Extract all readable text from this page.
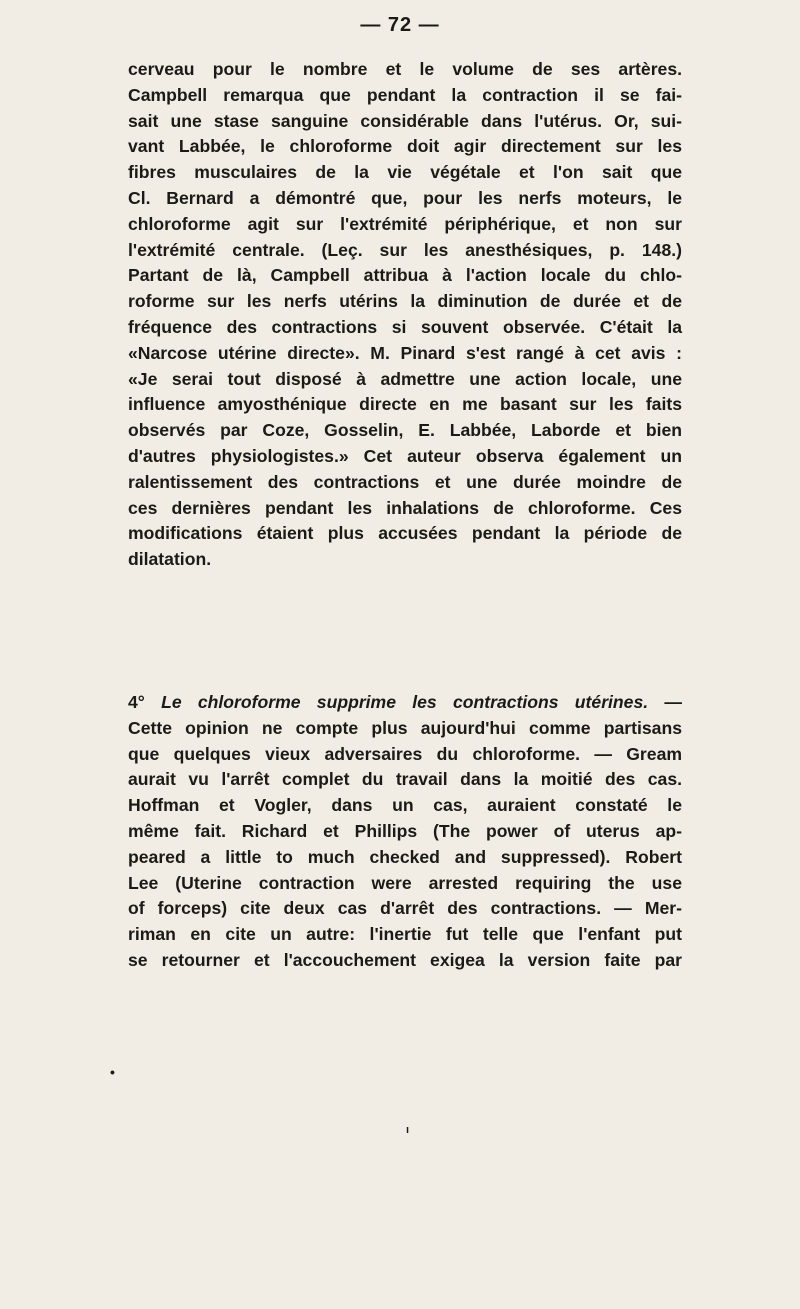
— 72 —
cerveau pour le nombre et le volume de ses artères.
Campbell remarqua que pendant la contraction il se fai-
sait une stase sanguine considérable dans l'utérus. Or, sui-
vant Labbée, le chloroforme doit agir directement sur les
fibres musculaires de la vie végétale et l'on sait que
Cl. Bernard a démontré que, pour les nerfs moteurs, le
chloroforme agit sur l'extrémité périphérique, et non sur
l'extrémité centrale. (Leç. sur les anesthésiques, p. 148.)
Partant de là, Campbell attribua à l'action locale du chlo-
roforme sur les nerfs utérins la diminution de durée et de
fréquence des contractions si souvent observée. C'était la
«Narcose utérine directe». M. Pinard s'est rangé à cet avis :
«Je serai tout disposé à admettre une action locale, une
influence amyosthénique directe en me basant sur les faits
observés par Coze, Gosselin, E. Labbée, Laborde et bien
d'autres physiologistes.» Cet auteur observa également un
ralentissement des contractions et une durée moindre de
ces dernières pendant les inhalations de chloroforme. Ces
modifications étaient plus accusées pendant la période de
dilatation.
4° Le chloroforme supprime les contractions utérines. —
Cette opinion ne compte plus aujourd'hui comme partisans
que quelques vieux adversaires du chloroforme. — Gream
aurait vu l'arrêt complet du travail dans la moitié des cas.
Hoffman et Vogler, dans un cas, auraient constaté le
même fait. Richard et Phillips (The power of uterus ap-
peared a little to much checked and suppressed). Robert
Lee (Uterine contraction were arrested requiring the use
of forceps) cite deux cas d'arrêt des contractions. — Mer-
riman en cite un autre: l'inertie fut telle que l'enfant put
se retourner et l'accouchement exigea la version faite par
•
ı
